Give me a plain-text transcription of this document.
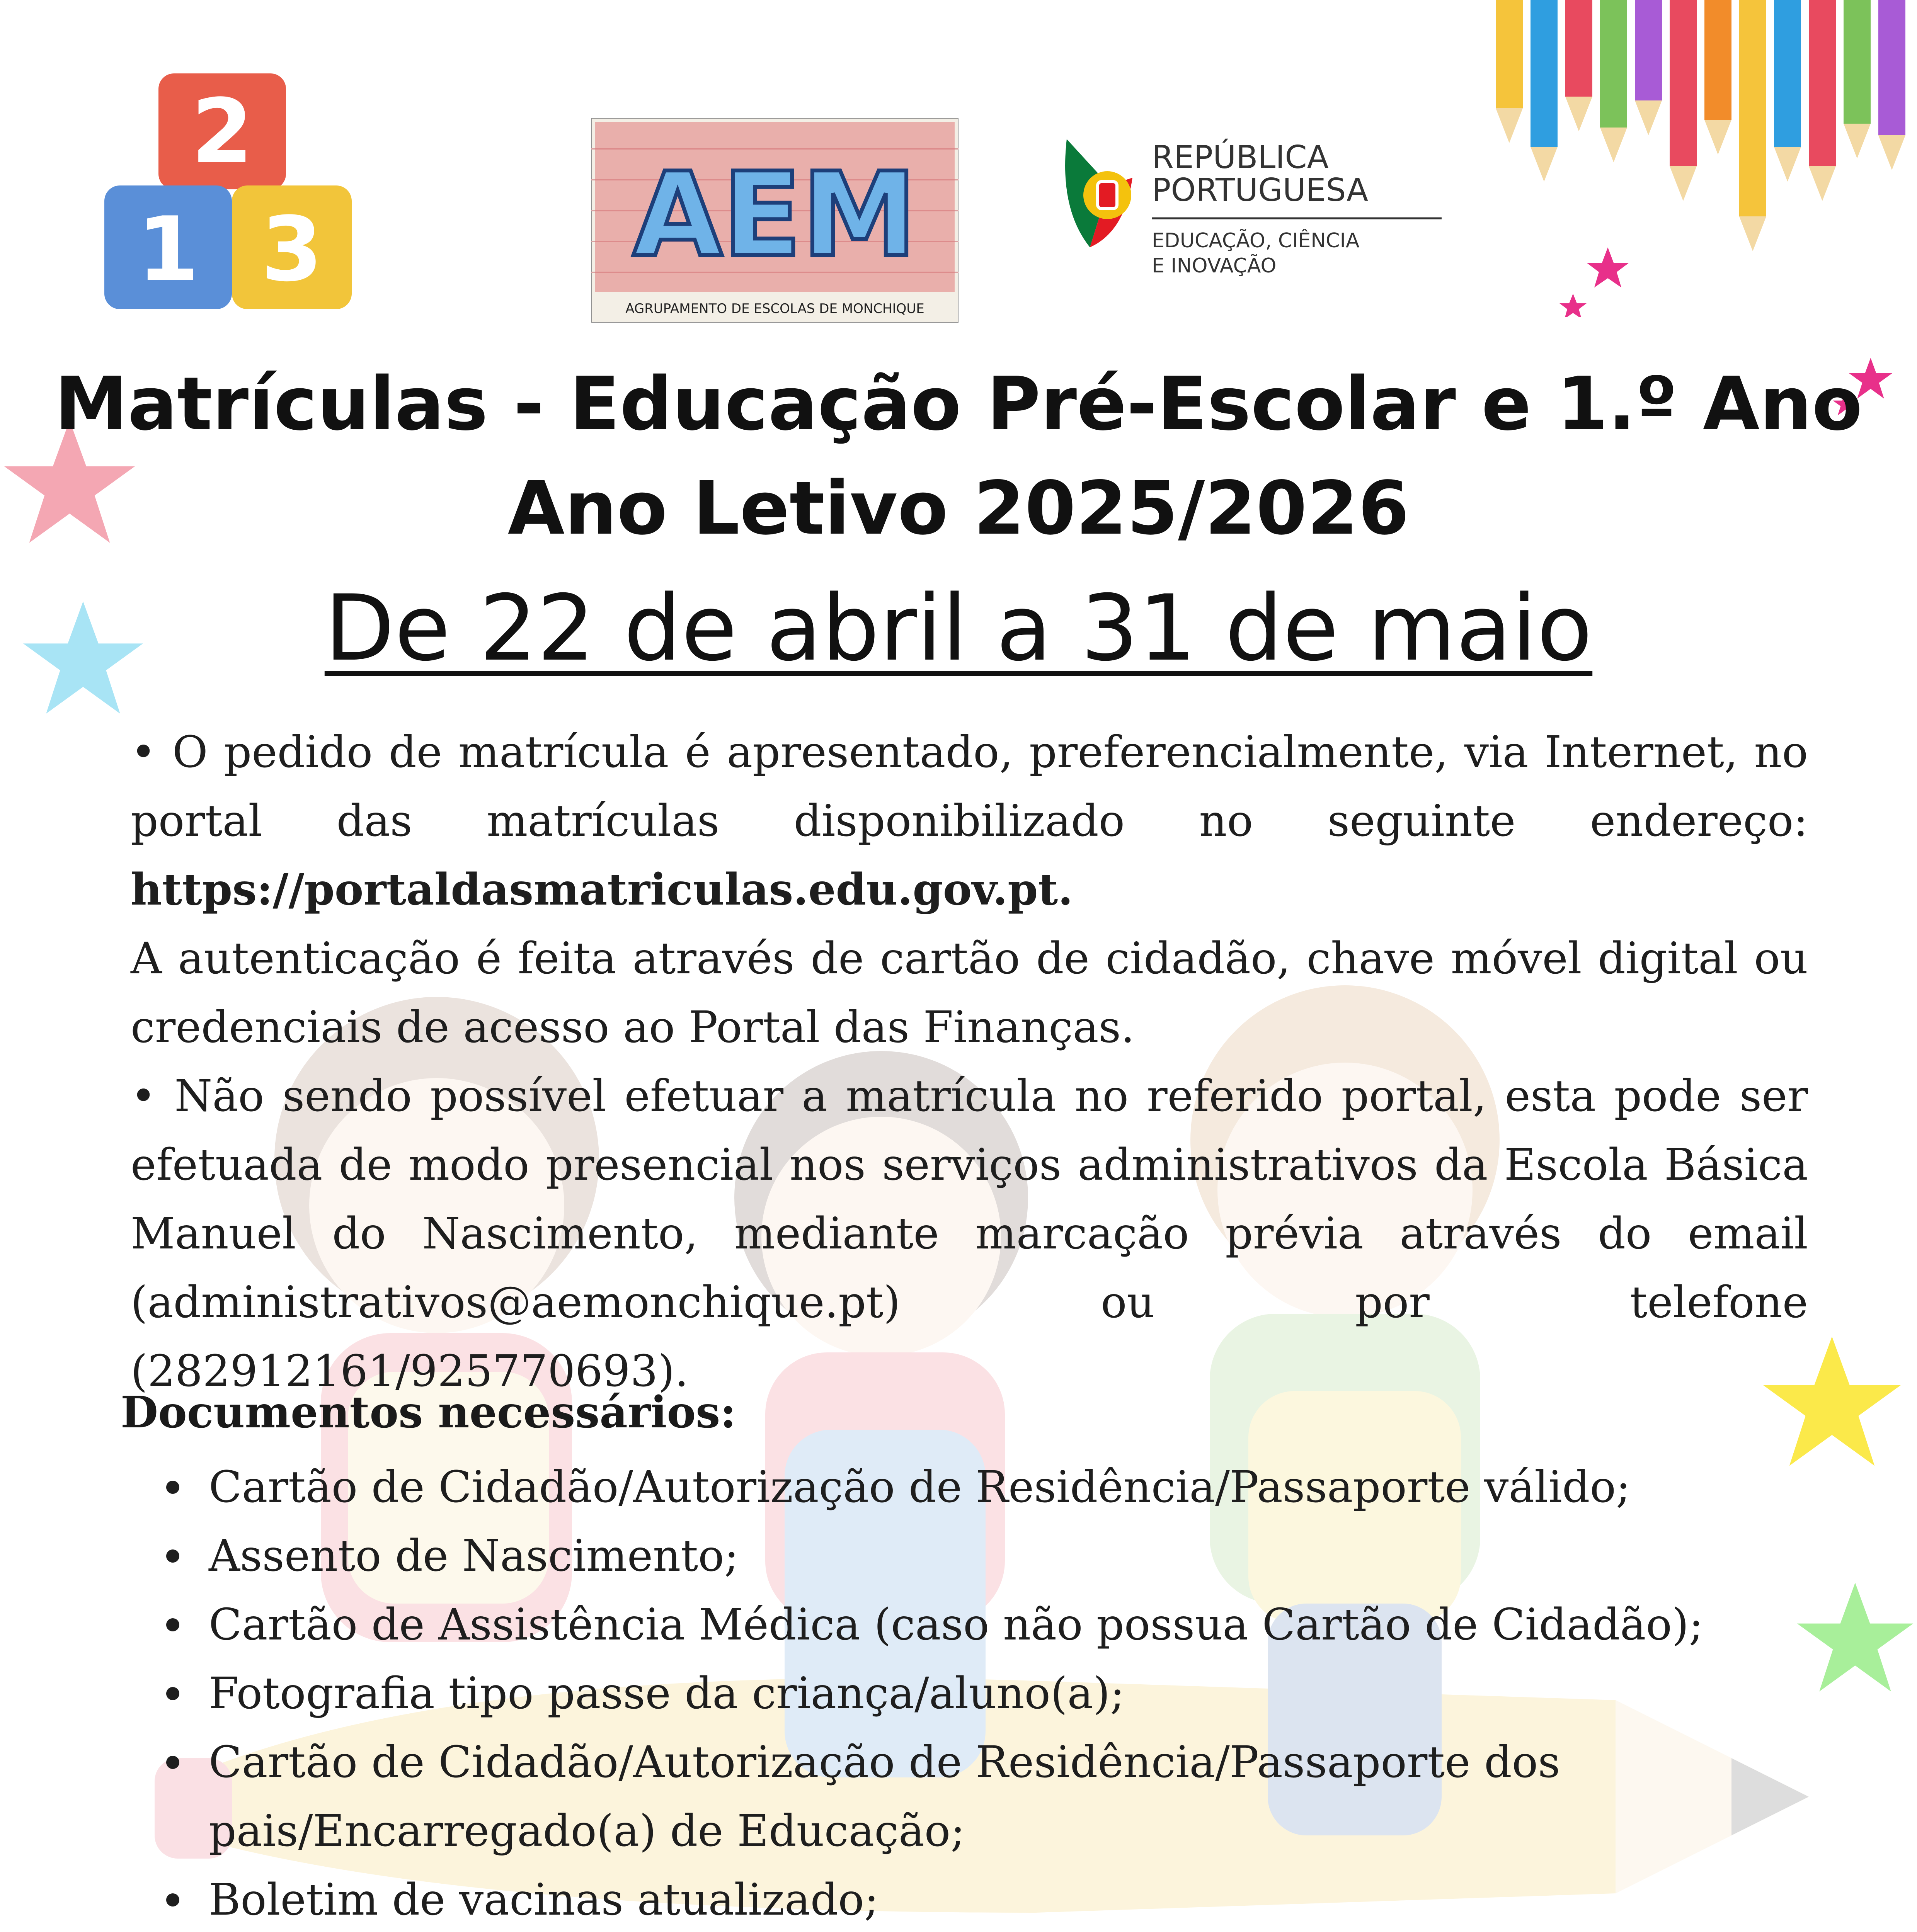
2
1 3	AEM
AGRUPAMENTO DE ESCOLAS DE MONCHIQUE
REPÚBLICA
PORTUGUESA
EDUCAÇÃO, CIÊNCIA
E INOVAÇÃO
Matrículas - Educação Pré-Escolar e 1.º Ano
Ano Letivo 2025/2026
De 22 de abril a 31 de maio
• O pedido de matrícula é apresentado, preferencialmente, via Internet, no
portal das matrículas disponibilizado no seguinte endereço:
https://portaldasmatriculas.edu.gov.pt.
A autenticação é feita através de cartão de cidadão, chave móvel digital ou credenciais de acesso ao Portal das Finanças.
• Não sendo possível efetuar a matrícula no referido portal, esta pode ser efetuada de modo presencial nos serviços administrativos da Escola Básica Manuel do Nascimento, mediante marcação prévia através do email (administrativos@aemonchique.pt) ou por telefone (282912161/925770693).
Documentos necessários:
Cartão de Cidadão/Autorização de Residência/Passaporte válido;
Assento de Nascimento;
Cartão de Assistência Médica (caso não possua Cartão de Cidadão);
Fotografia tipo passe da criança/aluno(a);
Cartão de Cidadão/Autorização de Residência/Passaporte dos pais/Encarregado(a) de Educação;
Boletim de vacinas atualizado;
